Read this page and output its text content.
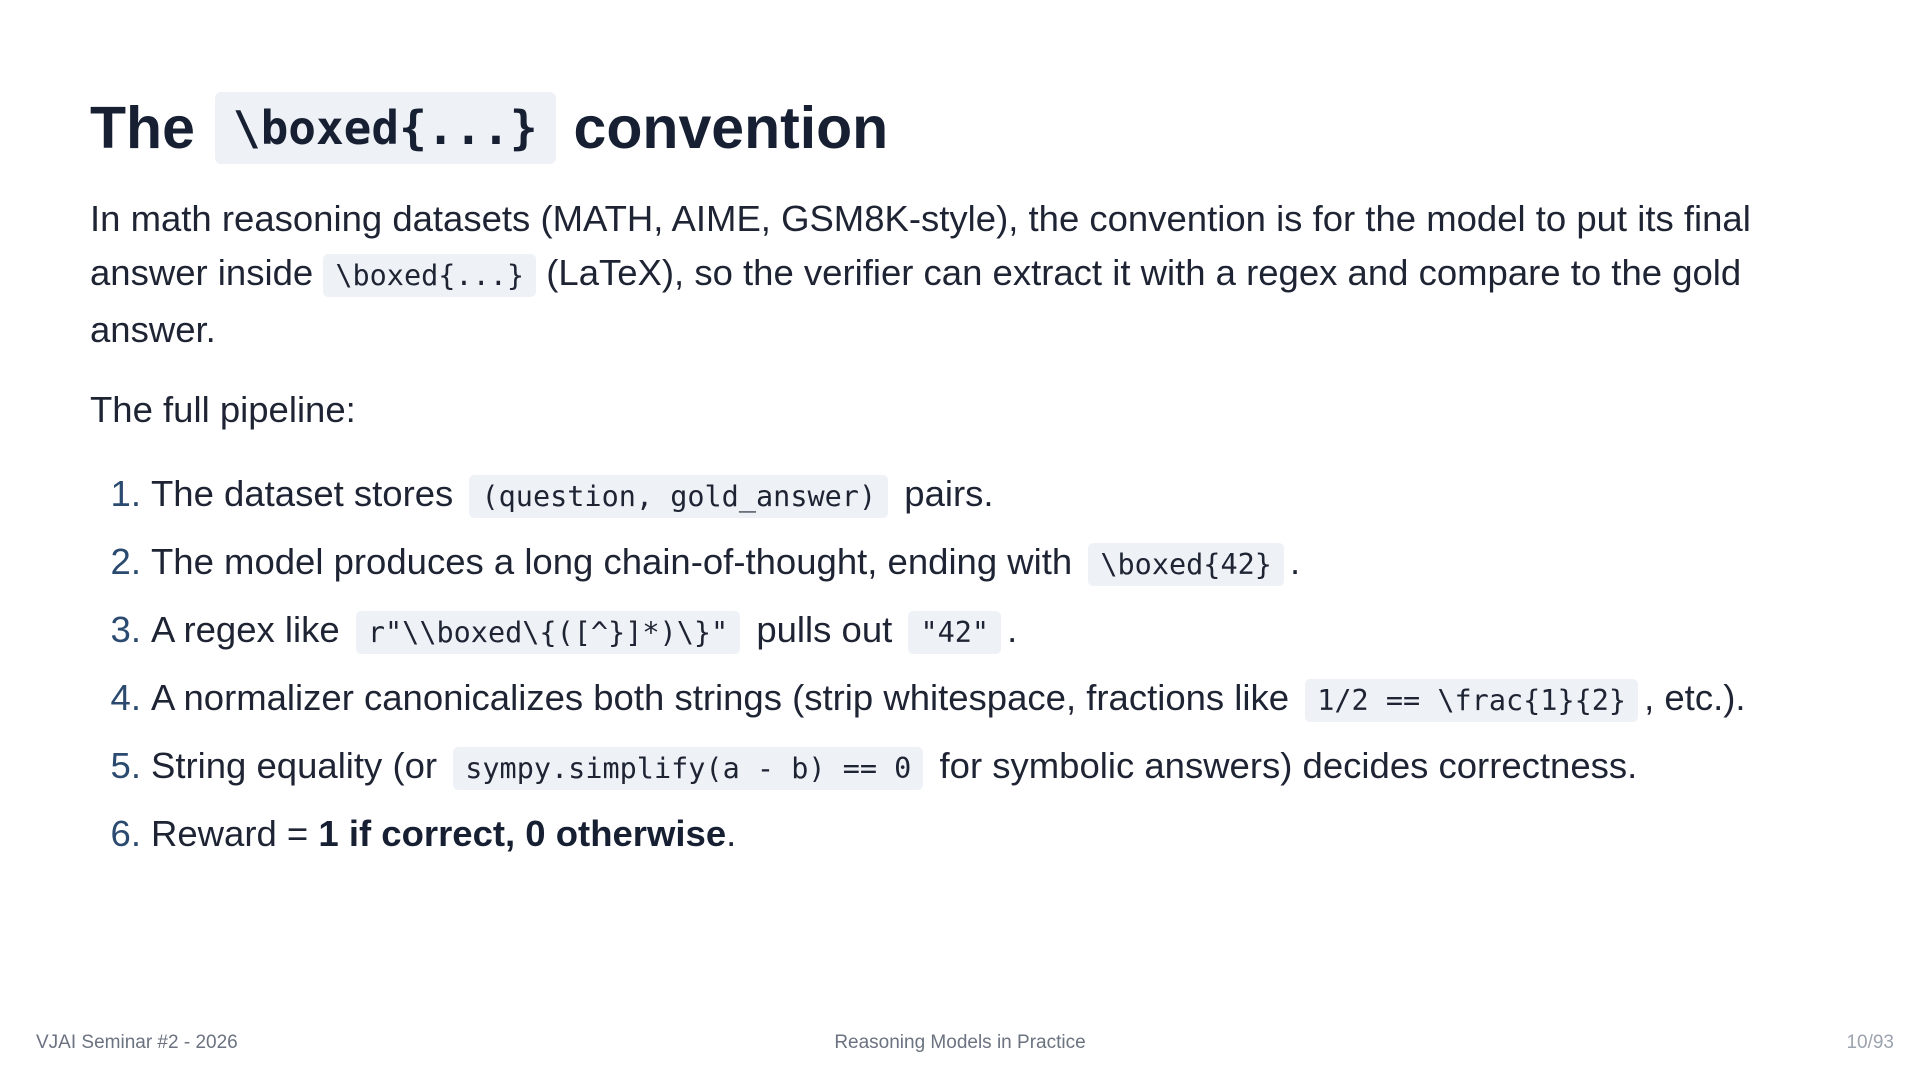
The \boxed{...} convention

In math reasoning datasets (MATH, AIME, GSM8K-style), the convention is for the model to put its final answer inside \boxed{...} (LaTeX), so the verifier can extract it with a regex and compare to the gold answer.

The full pipeline:

1. The dataset stores (question, gold_answer) pairs.
2. The model produces a long chain-of-thought, ending with \boxed{42} .
3. A regex like r"\\boxed\{([^}]*)\}" pulls out "42" .
4. A normalizer canonicalizes both strings (strip whitespace, fractions like 1/2 == \frac{1}{2} , etc.).
5. String equality (or sympy.simplify(a - b) == 0 for symbolic answers) decides correctness.
6. Reward = 1 if correct, 0 otherwise.
VJAI Seminar #2 - 2026	Reasoning Models in Practice	10/93
